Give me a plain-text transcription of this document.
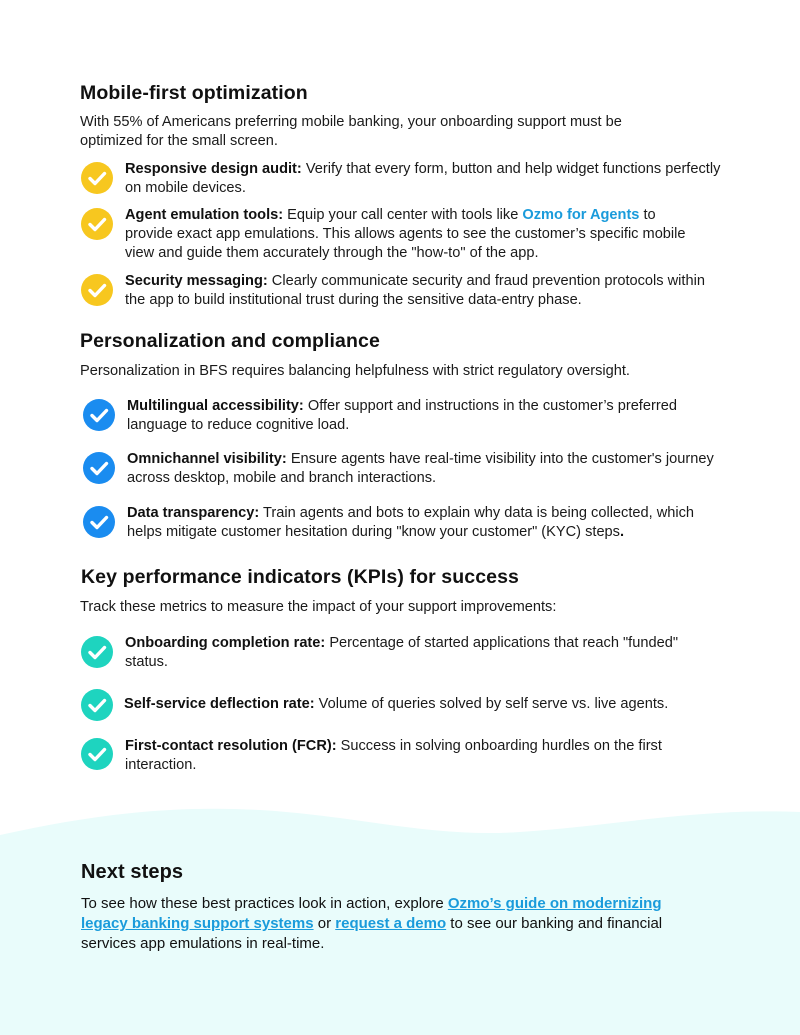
Mobile-first optimization

With 55% of Americans preferring mobile banking, your onboarding support must be optimized for the small screen.

Responsive design audit: Verify that every form, button and help widget functions perfectly on mobile devices.

Agent emulation tools: Equip your call center with tools like Ozmo for Agents to provide exact app emulations. This allows agents to see the customer’s specific mobile view and guide them accurately through the "how-to" of the app.

Security messaging: Clearly communicate security and fraud prevention protocols within the app to build institutional trust during the sensitive data-entry phase.

Personalization and compliance

Personalization in BFS requires balancing helpfulness with strict regulatory oversight.

Multilingual accessibility: Offer support and instructions in the customer’s preferred language to reduce cognitive load.

Omnichannel visibility: Ensure agents have real-time visibility into the customer's journey across desktop, mobile and branch interactions.

Data transparency: Train agents and bots to explain why data is being collected, which helps mitigate customer hesitation during "know your customer" (KYC) steps.

Key performance indicators (KPIs) for success

Track these metrics to measure the impact of your support improvements:

Onboarding completion rate: Percentage of started applications that reach "funded" status.

Self-service deflection rate: Volume of queries solved by self serve vs. live agents.

First-contact resolution (FCR): Success in solving onboarding hurdles on the first interaction.

Next steps

To see how these best practices look in action, explore Ozmo’s guide on modernizing legacy banking support systems or request a demo to see our banking and financial services app emulations in real-time.
